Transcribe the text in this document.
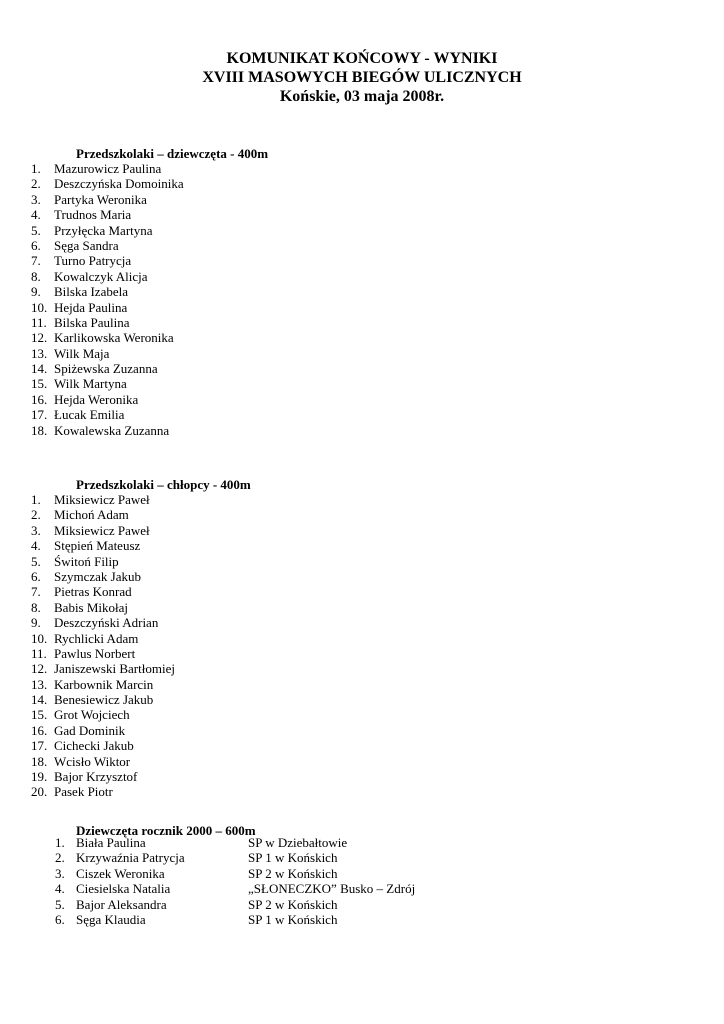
KOMUNIKAT KOŃCOWY - WYNIKI
XVIII MASOWYCH BIEGÓW ULICZNYCH
Końskie, 03 maja 2008r.
Przedszkolaki – dziewczęta - 400m
1. Mazurowicz Paulina
2. Deszczyńska Domoinika
3. Partyka Weronika
4. Trudnos Maria
5. Przyłęcka Martyna
6. Sęga Sandra
7. Turno Patrycja
8. Kowalczyk Alicja
9. Bilska Izabela
10. Hejda Paulina
11. Bilska Paulina
12. Karlikowska Weronika
13. Wilk Maja
14. Spiżewska Zuzanna
15. Wilk Martyna
16. Hejda Weronika
17. Łucak Emilia
18. Kowalewska Zuzanna
Przedszkolaki – chłopcy - 400m
1. Miksiewicz Paweł
2. Michoń Adam
3. Miksiewicz Paweł
4. Stępień Mateusz
5. Świtoń Filip
6. Szymczak Jakub
7. Pietras Konrad
8. Babis Mikołaj
9. Deszczyński Adrian
10. Rychlicki Adam
11. Pawlus Norbert
12. Janiszewski Bartłomiej
13. Karbownik Marcin
14. Benesiewicz Jakub
15. Grot Wojciech
16. Gad Dominik
17. Cichecki Jakub
18. Wcisło Wiktor
19. Bajor Krzysztof
20. Pasek Piotr
Dziewczęta rocznik 2000 – 600m
1. Biała Paulina	SP w Dziebałtowie
2. Krzywaźnia Patrycja	SP 1 w Końskich
3. Ciszek Weronika	SP 2 w Końskich
4. Ciesielska Natalia	„SŁONECZKO” Busko – Zdrój
5. Bajor Aleksandra	SP 2 w Końskich
6. Sęga Klaudia	SP 1 w Końskich
